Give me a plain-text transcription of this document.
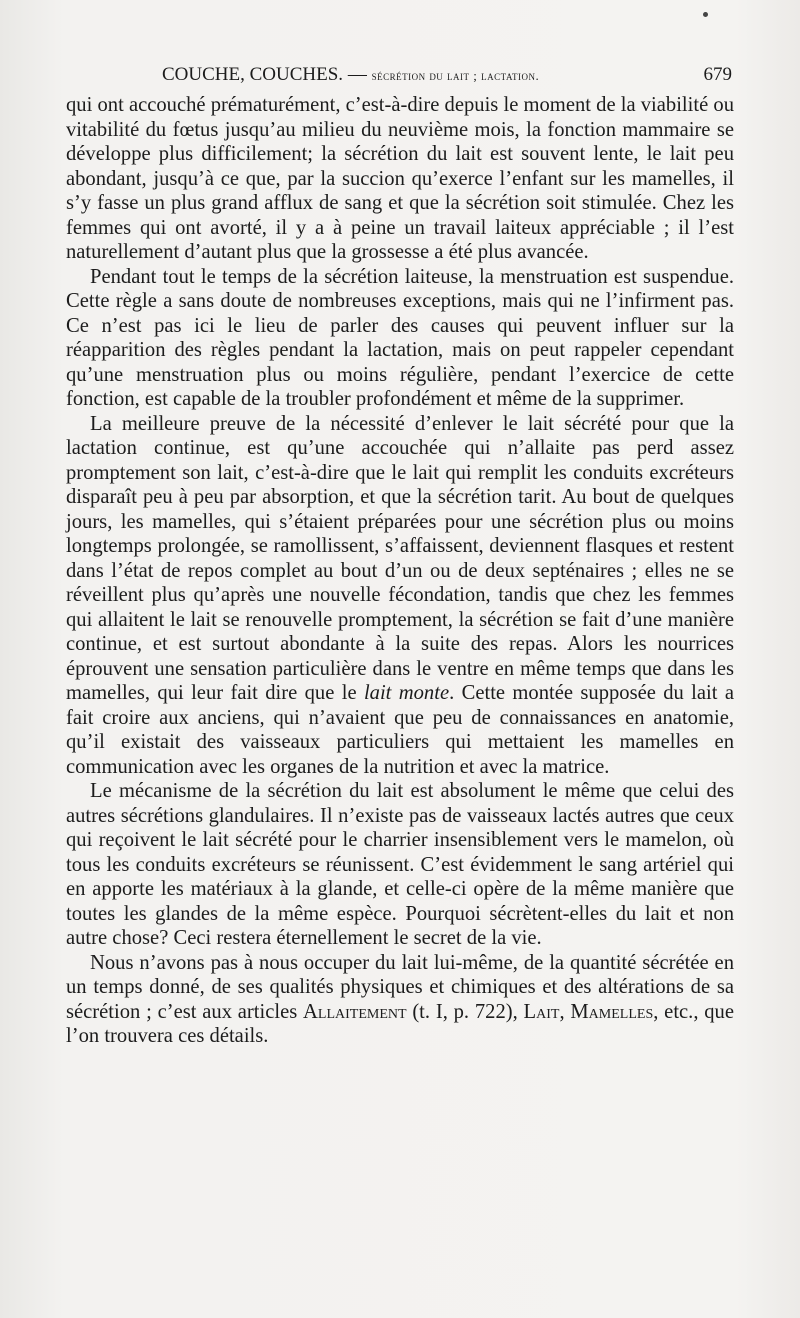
COUCHE, COUCHES. — sécrétion du lait ; lactation.	679

qui ont accouché prématurément, c’est-à-dire depuis le moment de la viabilité ou vitabilité du fœtus jusqu’au milieu du neuvième mois, la fonction mammaire se développe plus difficilement; la sécrétion du lait est souvent lente, le lait peu abondant, jusqu’à ce que, par la succion qu’exerce l’enfant sur les mamelles, il s’y fasse un plus grand afflux de sang et que la sécrétion soit stimulée. Chez les femmes qui ont avorté, il y a à peine un travail laiteux appréciable ; il l’est naturellement d’autant plus que la grossesse a été plus avancée.

Pendant tout le temps de la sécrétion laiteuse, la menstruation est suspendue. Cette règle a sans doute de nombreuses exceptions, mais qui ne l’infirment pas. Ce n’est pas ici le lieu de parler des causes qui peuvent influer sur la réapparition des règles pendant la lactation, mais on peut rappeler cependant qu’une menstruation plus ou moins régulière, pendant l’exercice de cette fonction, est capable de la troubler profondément et même de la supprimer.

La meilleure preuve de la nécessité d’enlever le lait sécrété pour que la lactation continue, est qu’une accouchée qui n’allaite pas perd assez promptement son lait, c’est-à-dire que le lait qui remplit les conduits excréteurs disparaît peu à peu par absorption, et que la sécrétion tarit. Au bout de quelques jours, les mamelles, qui s’étaient préparées pour une sécrétion plus ou moins longtemps prolongée, se ramollissent, s’affaissent, deviennent flasques et restent dans l’état de repos complet au bout d’un ou de deux septénaires ; elles ne se réveillent plus qu’après une nouvelle fécondation, tandis que chez les femmes qui allaitent le lait se renouvelle promptement, la sécrétion se fait d’une manière continue, et est surtout abondante à la suite des repas. Alors les nourrices éprouvent une sensation particulière dans le ventre en même temps que dans les mamelles, qui leur fait dire que le lait monte. Cette montée supposée du lait a fait croire aux anciens, qui n’avaient que peu de connaissances en anatomie, qu’il existait des vaisseaux particuliers qui mettaient les mamelles en communication avec les organes de la nutrition et avec la matrice.

Le mécanisme de la sécrétion du lait est absolument le même que celui des autres sécrétions glandulaires. Il n’existe pas de vaisseaux lactés autres que ceux qui reçoivent le lait sécrété pour le charrier insensiblement vers le mamelon, où tous les conduits excréteurs se réunissent. C’est évidemment le sang artériel qui en apporte les matériaux à la glande, et celle-ci opère de la même manière que toutes les glandes de la même espèce. Pourquoi sécrètent-elles du lait et non autre chose? Ceci restera éternellement le secret de la vie.

Nous n’avons pas à nous occuper du lait lui-même, de la quantité sécrétée en un temps donné, de ses qualités physiques et chimiques et des altérations de sa sécrétion ; c’est aux articles Allaitement (t. I, p. 722), Lait, Mamelles, etc., que l’on trouvera ces détails.
